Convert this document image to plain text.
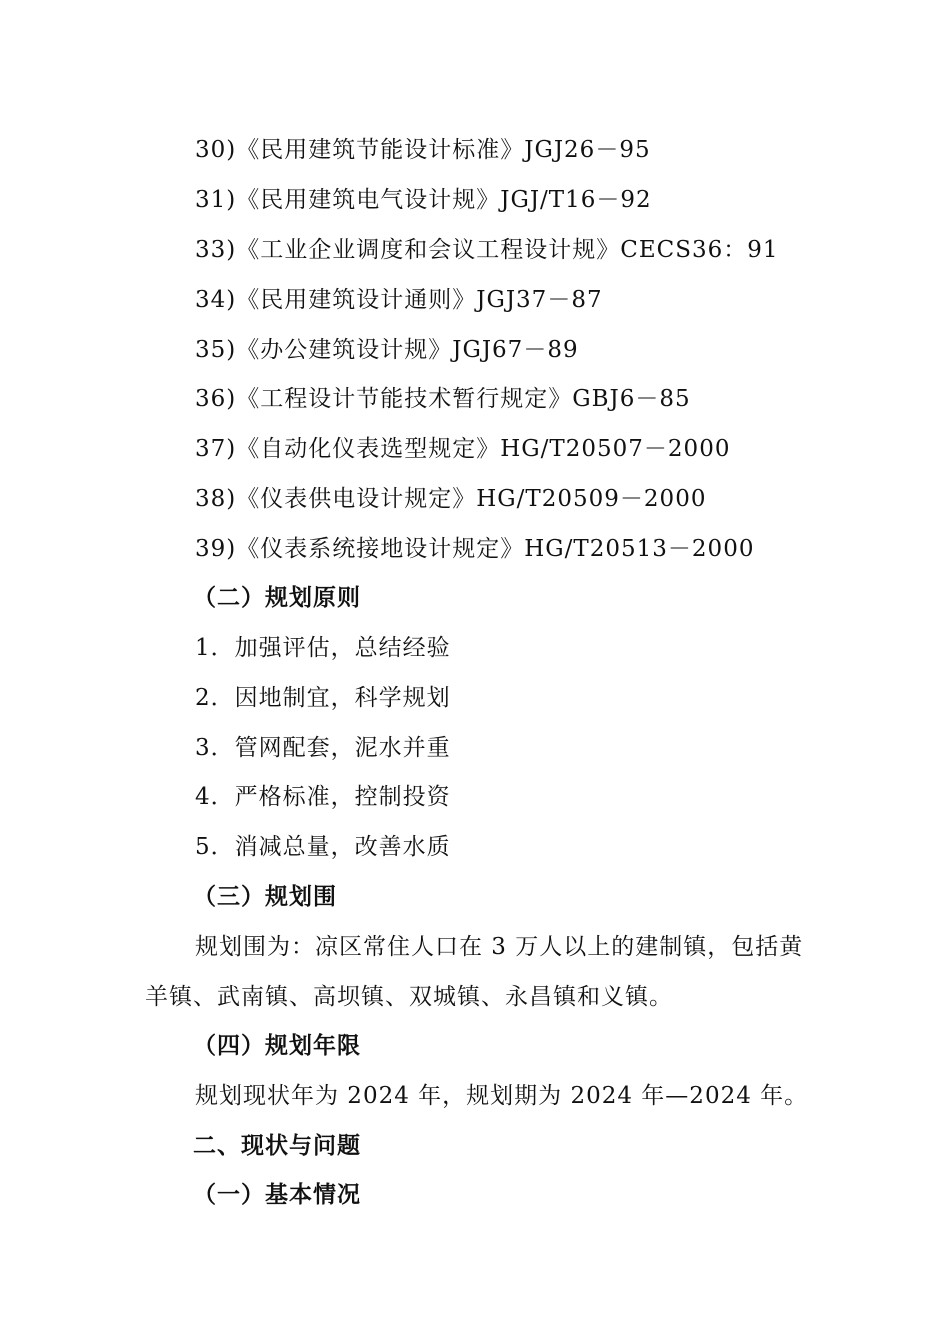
30)《民用建筑节能设计标准》JGJ26－95
31)《民用建筑电气设计规》JGJ/T16－92
33)《工业企业调度和会议工程设计规》CECS36：91
34)《民用建筑设计通则》JGJ37－87
35)《办公建筑设计规》JGJ67－89
36)《工程设计节能技术暂行规定》GBJ6－85
37)《自动化仪表选型规定》HG/T20507－2000
38)《仪表供电设计规定》HG/T20509－2000
39)《仪表系统接地设计规定》HG/T20513－2000
（二）规划原则
1．加强评估，总结经验
2．因地制宜，科学规划
3．管网配套，泥水并重
4．严格标准，控制投资
5．消减总量，改善水质
（三）规划围
规划围为：凉区常住人口在 3 万人以上的建制镇，包括黄羊镇、武南镇、高坝镇、双城镇、永昌镇和义镇。
（四）规划年限
规划现状年为 2024 年，规划期为 2024 年—2024 年。
二、现状与问题
（一）基本情况
